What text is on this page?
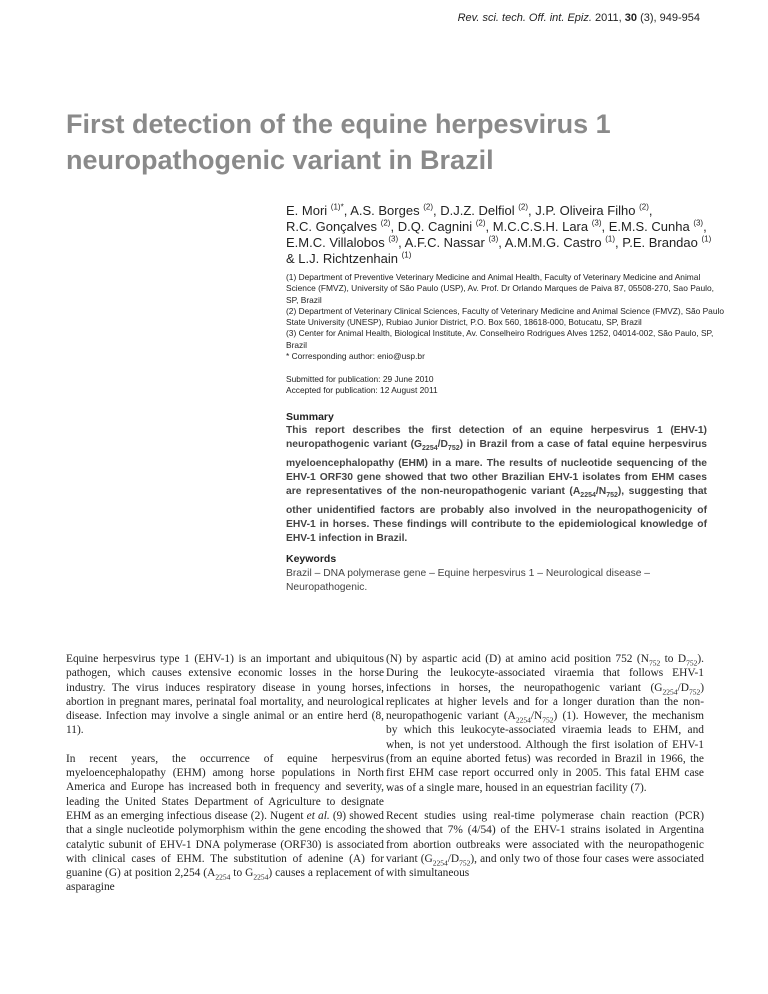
Rev. sci. tech. Off. int. Epiz. 2011, 30 (3), 949-954
First detection of the equine herpesvirus 1
neuropathogenic variant in Brazil
E. Mori $^{(1)*}$, A.S. Borges $^{(2)}$, D.J.Z. Delfiol $^{(2)}$, J.P. Oliveira Filho $^{(2)}$,
R.C. Gonçalves $^{(2)}$, D.Q. Cagnini $^{(2)}$, M.C.C.S.H. Lara $^{(3)}$, E.M.S. Cunha $^{(3)}$,
E.M.C. Villalobos $^{(3)}$, A.F.C. Nassar $^{(3)}$, A.M.M.G. Castro $^{(1)}$, P.E. Brandao $^{(1)}$
& L.J. Richtzenhain $^{(1)}$

(1) Department of Preventive Veterinary Medicine and Animal Health, Faculty of Veterinary Medicine and Animal Science (FMVZ), University of São Paulo (USP), Av. Prof. Dr Orlando Marques de Paiva 87, 05508-270, Sao Paulo, SP, Brazil

(2) Department of Veterinary Clinical Sciences, Faculty of Veterinary Medicine and Animal Science (FMVZ), São Paulo State University (UNESP), Rubiao Junior District, P.O. Box 560, 18618-000, Botucatu, SP, Brazil

(3) Center for Animal Health, Biological Institute, Av. Conselheiro Rodrigues Alves 1252, 04014-002, São Paulo, SP, Brazil

* Corresponding author: enio@usp.br

Submitted for publication: 29 June 2010

Accepted for publication: 12 August 2011

Summary
This report describes the first detection of an equine herpesvirus 1 (EHV-1) neuropathogenic variant $(G_{2254}/D_{752})$ in Brazil from a case of fatal equine herpesvirus myeloencephalopathy (EHM) in a mare. The results of nucleotide sequencing of the EHV-1 ORF30 gene showed that two other Brazilian EHV-1 isolates from EHM cases are representatives of the non-neuropathogenic variant $(A_{2254}/N_{752})$, suggesting that other unidentified factors are probably also involved in the neuropathogenicity of EHV-1 in horses. These findings will contribute to the epidemiological knowledge of EHV-1 infection in Brazil.
Keywords
Brazil – DNA polymerase gene – Equine herpesvirus 1 – Neurological disease – Neuropathogenic.

Equine herpesvirus type 1 (EHV-1) is an important and ubiquitous pathogen, which causes extensive economic losses in the horse industry. The virus induces respiratory disease in young horses, abortion in pregnant mares, perinatal foal mortality, and neurological disease. Infection may involve a single animal or an entire herd (8, 11).

In recent years, the occurrence of equine herpesvirus myeloencephalopathy (EHM) among horse populations in North America and Europe has increased both in frequency and severity, leading the United States Department of Agriculture to designate EHM as an emerging infectious disease (2). Nugent et al. (9) showed that a single nucleotide polymorphism within the gene encoding the catalytic subunit of EHV-1 DNA polymerase (ORF30) is associated with clinical cases of EHM. The substitution of adenine (A) for guanine (G) at position 2,254 ($A_{2254}$ to $G_{2254}$) causes a replacement of asparagine

(N) by aspartic acid (D) at amino acid position 752 ($N_{752}$ to $D_{752}$). During the leukocyte-associated viraemia that follows EHV-1 infections in horses, the neuropathogenic variant $(G_{2254}/D_{752})$ replicates at higher levels and for a longer duration than the non-neuropathogenic variant $(A_{2254}/N_{752})$ (1). However, the mechanism by which this leukocyte-associated viraemia leads to EHM, and when, is not yet understood. Although the first isolation of EHV-1 (from an equine aborted fetus) was recorded in Brazil in 1966, the first EHM case report occurred only in 2005. This fatal EHM case was of a single mare, housed in an equestrian facility (7).

Recent studies using real-time polymerase chain reaction (PCR) showed that 7% (4/54) of the EHV-1 strains isolated in Argentina from abortion outbreaks were associated with the neuropathogenic variant $(G_{2254}/D_{752})$, and only two of those four cases were associated with simultaneous
